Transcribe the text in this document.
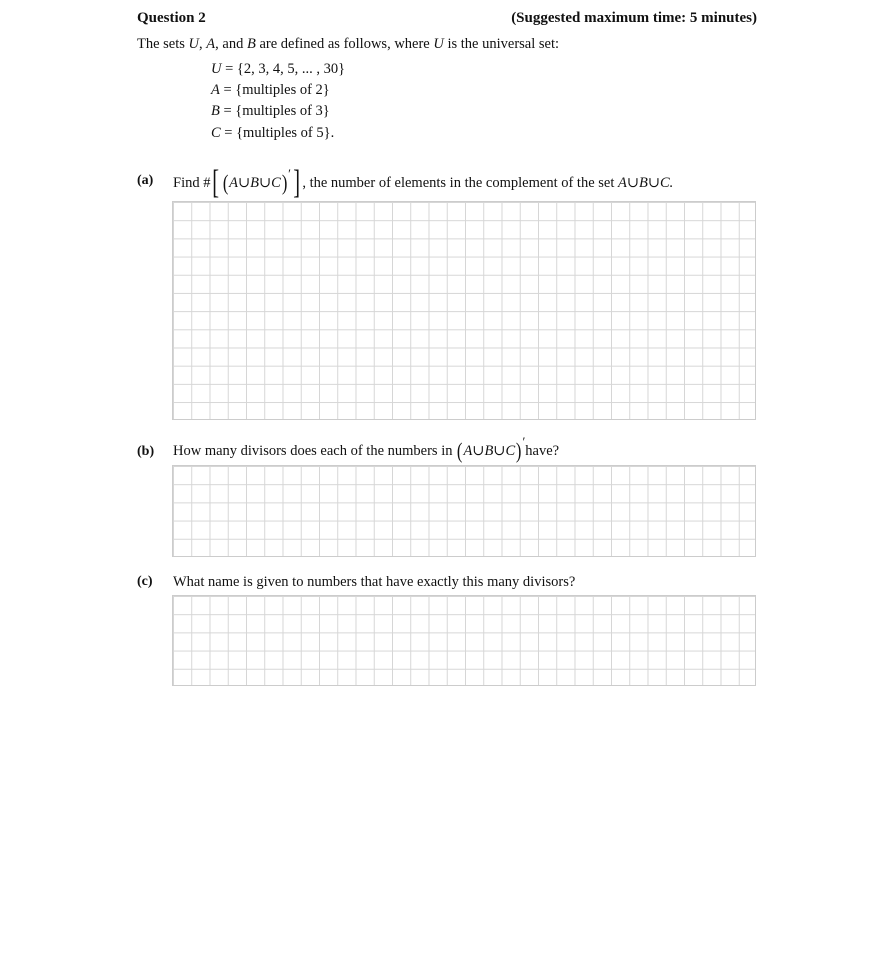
Question 2	(Suggested maximum time: 5 minutes)
The sets U, A, and B are defined as follows, where U is the universal set:
U = {2, 3, 4, 5, ... , 30}
A = {multiples of 2}
B = {multiples of 3}
C = {multiples of 5}.
(a) Find # [ ( A∪B∪C ) ′ ] , the number of elements in the complement of the set
A∪B∪C.
(b) How many divisors does each of the numbers in
( A∪B∪C ) ′
have?
(c) What name is given to numbers that have exactly this many divisors?
